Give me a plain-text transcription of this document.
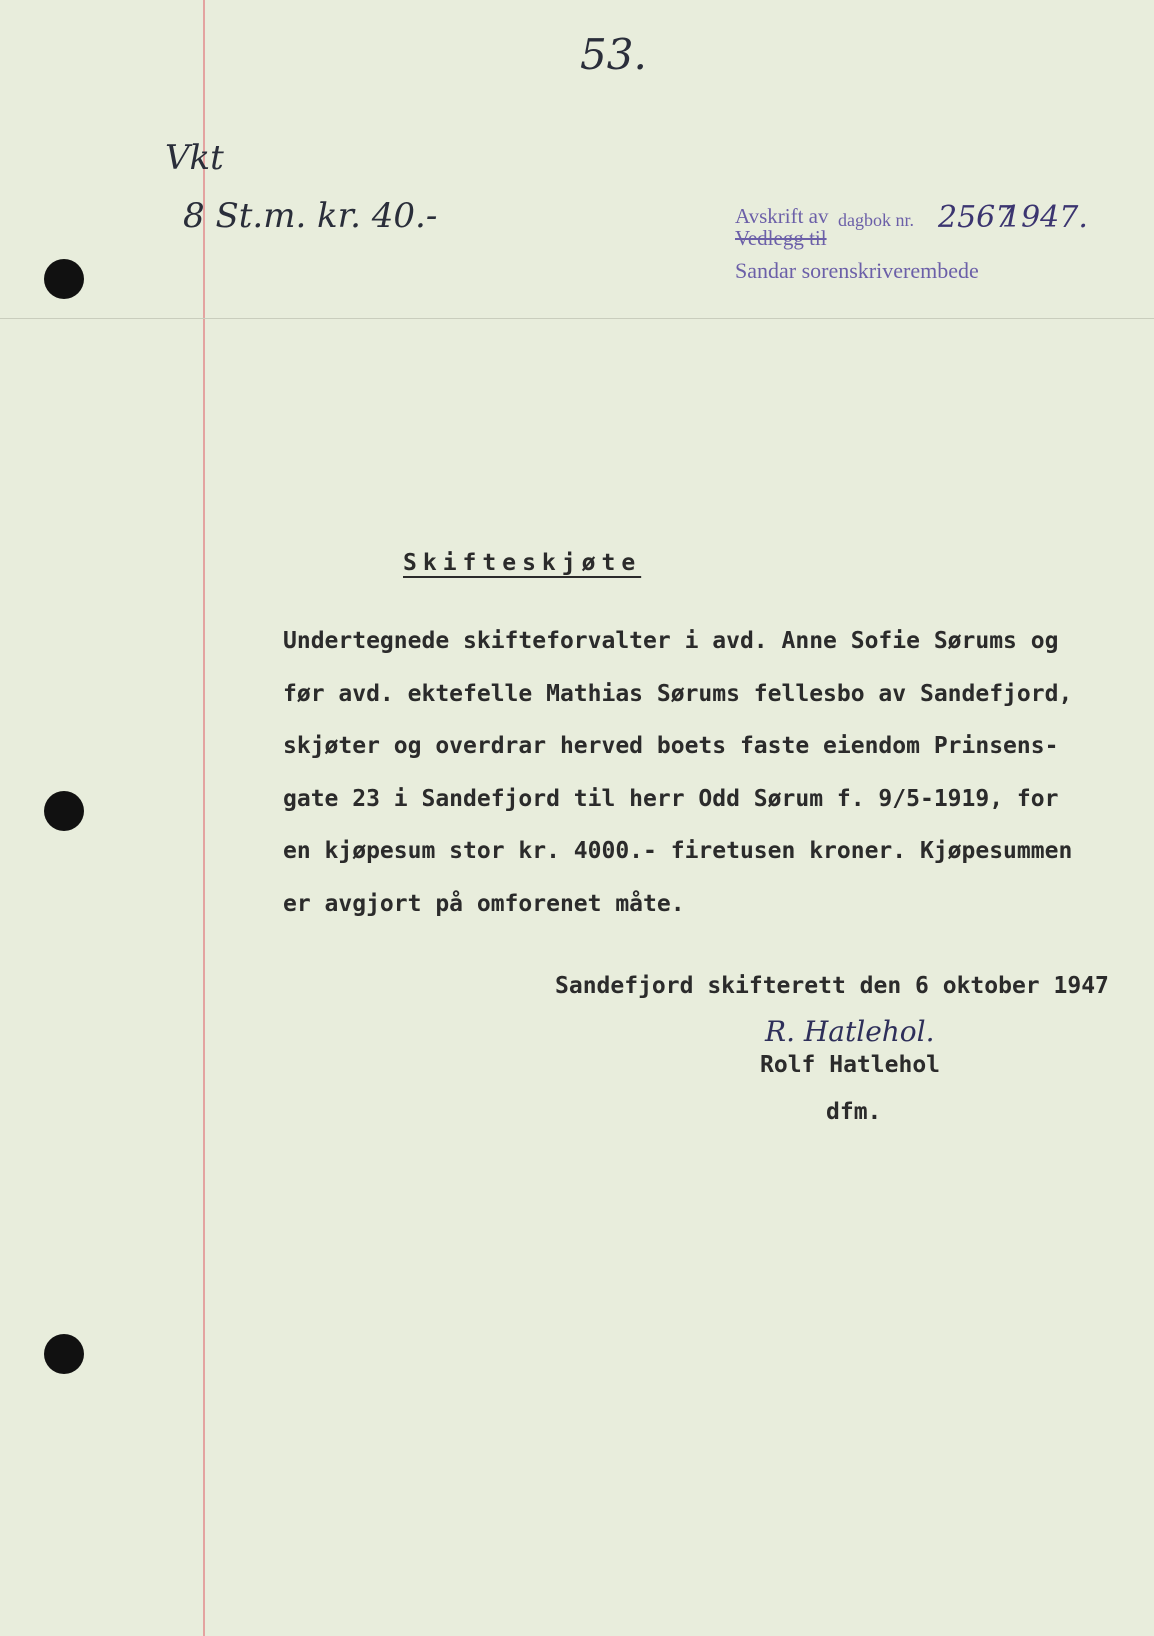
53.
Vkt
8 St.m. kr. 40.-	Avskrift av dagbok nr. 2567
1947.
Vedlegg til
Sandar sorenskriverembede
Skifteskjøte
Undertegnede skifteforvalter i avd. Anne Sofie Sørums og
før avd. ektefelle Mathias Sørums fellesbo av Sandefjord,
skjøter og overdrar herved boets faste eiendom Prinsens-
gate 23 i Sandefjord til herr Odd Sørum f. 9/5-1919, for
en kjøpesum stor kr. 4000.- firetusen kroner. Kjøpesummen
er avgjort på omforenet måte.
Sandefjord skifterett den 6 oktober 1947
R. Hatlehol.
Rolf Hatlehol
dfm.
